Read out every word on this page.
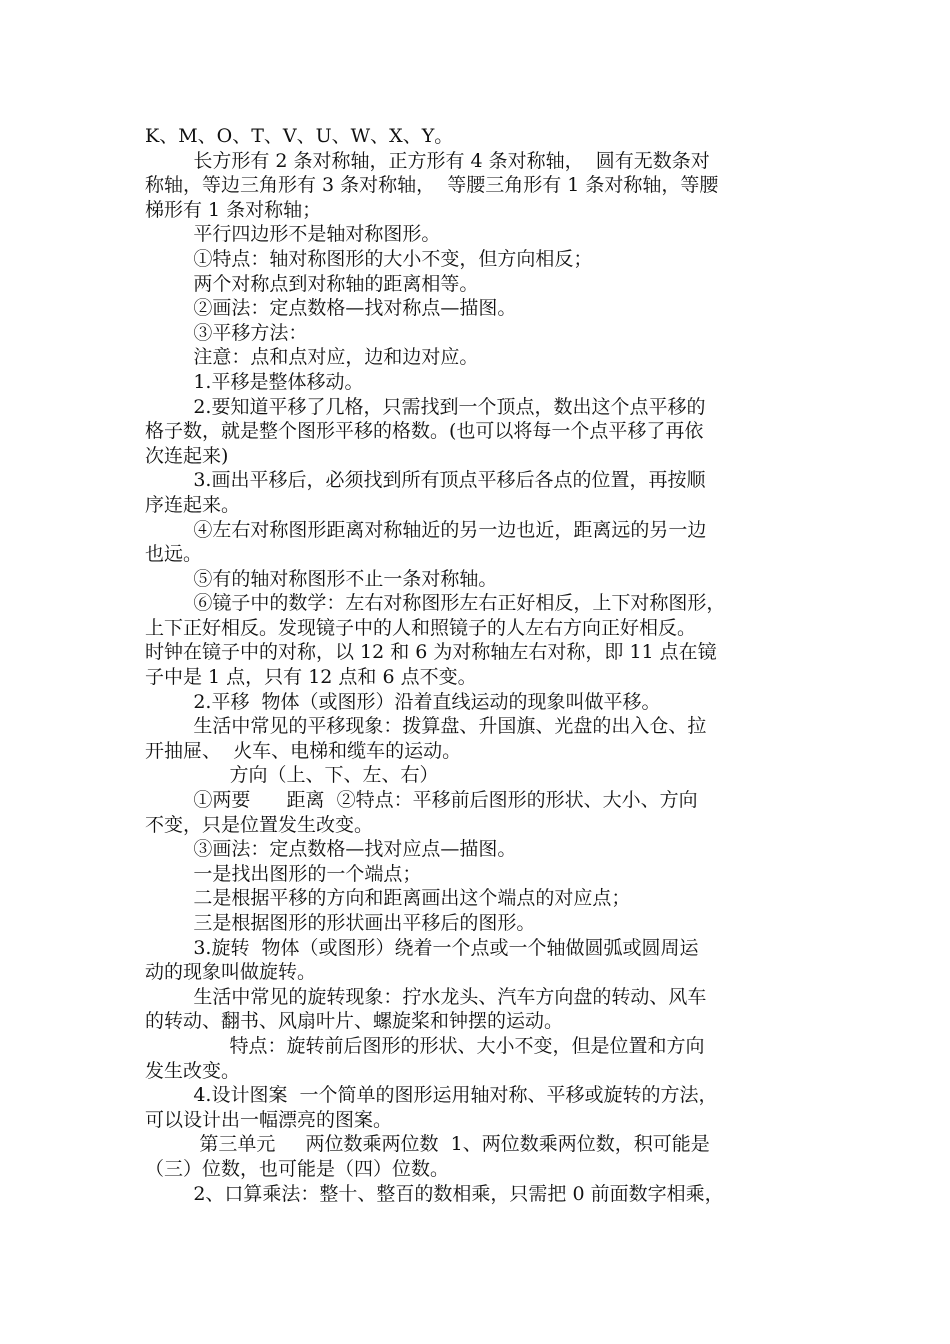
K、M、O、T、V、U、W、X、Y。
长方形有 2 条对称轴，正方形有 4 条对称轴，  圆有无数条对
称轴，等边三角形有 3 条对称轴，  等腰三角形有 1 条对称轴，等腰
梯形有 1 条对称轴；
平行四边形不是轴对称图形。
①特点：轴对称图形的大小不变，但方向相反；
两个对称点到对称轴的距离相等。
②画法：定点数格—找对称点—描图。
③平移方法：
注意：点和点对应，边和边对应。
1.平移是整体移动。
2.要知道平移了几格，只需找到一个顶点，数出这个点平移的
格子数，就是整个图形平移的格数。(也可以将每一个点平移了再依
次连起来)
3.画出平移后，必须找到所有顶点平移后各点的位置，再按顺
序连起来。
④左右对称图形距离对称轴近的另一边也近，距离远的另一边
也远。
⑤有的轴对称图形不止一条对称轴。
⑥镜子中的数学：左右对称图形左右正好相反，上下对称图形，
上下正好相反。发现镜子中的人和照镜子的人左右方向正好相反。
时钟在镜子中的对称，以 12 和 6 为对称轴左右对称，即 11 点在镜
子中是 1 点，只有 12 点和 6 点不变。
2.平移  物体（或图形）沿着直线运动的现象叫做平移。
生活中常见的平移现象：拨算盘、升国旗、光盘的出入仓、拉
开抽屉、  火车、电梯和缆车的运动。
方向（上、下、左、右）
①两要      距离  ②特点：平移前后图形的形状、大小、方向
不变，只是位置发生改变。
③画法：定点数格—找对应点—描图。
一是找出图形的一个端点；
二是根据平移的方向和距离画出这个端点的对应点；
三是根据图形的形状画出平移后的图形。
3.旋转  物体（或图形）绕着一个点或一个轴做圆弧或圆周运
动的现象叫做旋转。
生活中常见的旋转现象：拧水龙头、汽车方向盘的转动、风车
的转动、翻书、风扇叶片、螺旋桨和钟摆的运动。
特点：旋转前后图形的形状、大小不变，但是位置和方向
发生改变。
4.设计图案  一个简单的图形运用轴对称、平移或旋转的方法，
可以设计出一幅漂亮的图案。
第三单元     两位数乘两位数  1、两位数乘两位数，积可能是
（三）位数，也可能是（四）位数。
2、口算乘法：整十、整百的数相乘，只需把 0 前面数字相乘，
